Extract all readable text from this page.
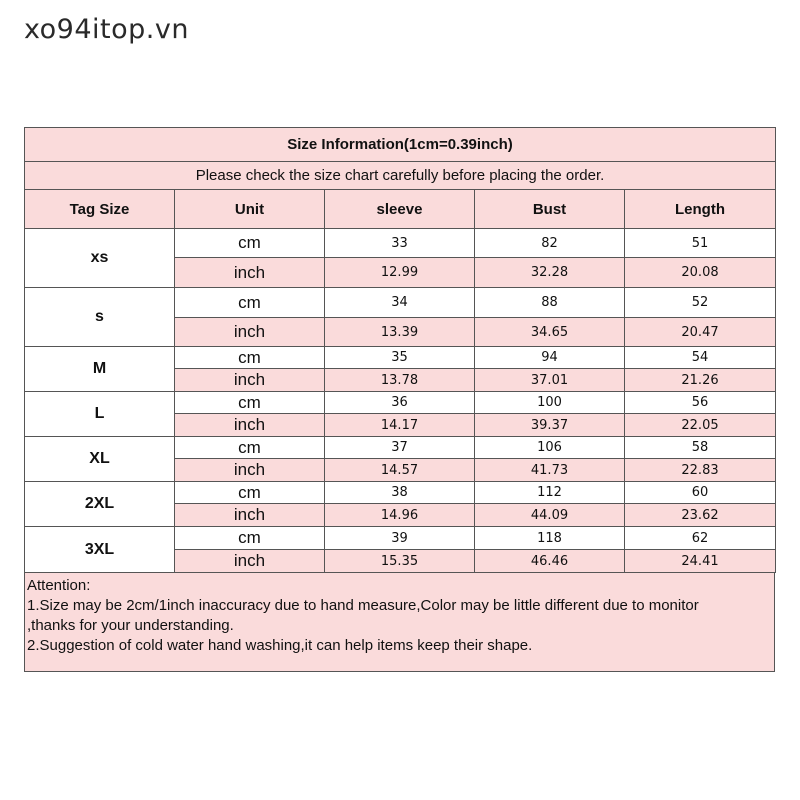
xo94itop.vn
Size Information(1cm=0.39inch)				
Please check the size chart carefully before placing the order.				
Tag Size	Unit	sleeve	Bust	Length
xs	cm	33	82	51
	inch	12.99	32.28	20.08
s	cm	34	88	52
	inch	13.39	34.65	20.47
M	cm	35	94	54
	inch	13.78	37.01	21.26
L	cm	36	100	56
	inch	14.17	39.37	22.05
XL	cm	37	106	58
	inch	14.57	41.73	22.83
2XL	cm	38	112	60
	inch	14.96	44.09	23.62
3XL	cm	39	118	62
	inch	15.35	46.46	24.41
Attention:
1.Size may be 2cm/1inch inaccuracy due to hand measure,Color may be little different due to monitor
,thanks for your understanding.
2.Suggestion of cold water hand washing,it can help items keep their shape.
